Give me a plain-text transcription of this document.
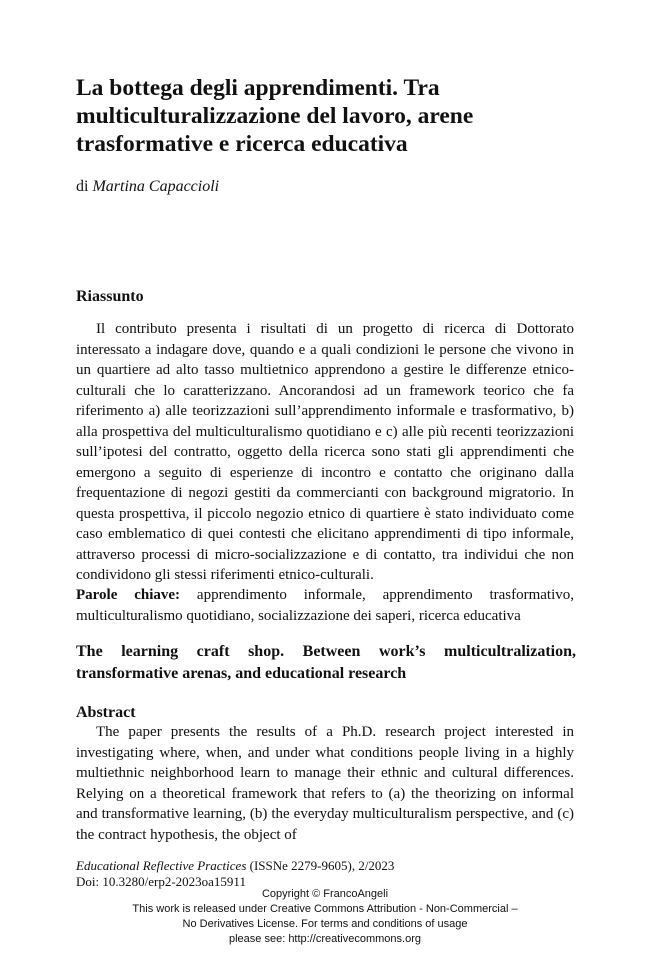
La bottega degli apprendimenti. Tra multiculturalizzazione del lavoro, arene trasformative e ricerca educativa
di Martina Capaccioli
Riassunto

Il contributo presenta i risultati di un progetto di ricerca di Dottorato interessato a indagare dove, quando e a quali condizioni le persone che vivono in un quartiere ad alto tasso multietnico apprendono a gestire le differenze etnico-culturali che lo caratterizzano. Ancorandosi ad un framework teorico che fa riferimento a) alle teorizzazioni sull’apprendimento informale e trasformativo, b) alla prospettiva del multiculturalismo quotidiano e c) alle più recenti teorizzazioni sull’ipotesi del contratto, oggetto della ricerca sono stati gli apprendimenti che emergono a seguito di esperienze di incontro e contatto che originano dalla frequentazione di negozi gestiti da commercianti con background migratorio. In questa prospettiva, il piccolo negozio etnico di quartiere è stato individuato come caso emblematico di quei contesti che elicitano apprendimenti di tipo informale, attraverso processi di micro-socializzazione e di contatto, tra individui che non condividono gli stessi riferimenti etnico-culturali.

Parole chiave: apprendimento informale, apprendimento trasformativo, multiculturalismo quotidiano, socializzazione dei saperi, ricerca educativa

The learning craft shop. Between work’s multicultralization, transformative arenas, and educational research
Abstract

The paper presents the results of a Ph.D. research project interested in investigating where, when, and under what conditions people living in a highly multiethnic neighborhood learn to manage their ethnic and cultural differences. Relying on a theoretical framework that refers to (a) the theorizing on informal and transformative learning, (b) the everyday multiculturalism perspective, and (c) the contract hypothesis, the object of

Educational Reflective Practices (ISSNe 2279-9605), 2/2023
Doi: 10.3280/erp2-2023oa15911
Copyright © FrancoAngeli
This work is released under Creative Commons Attribution - Non-Commercial –
No Derivatives License. For terms and conditions of usage
please see: http://creativecommons.org
